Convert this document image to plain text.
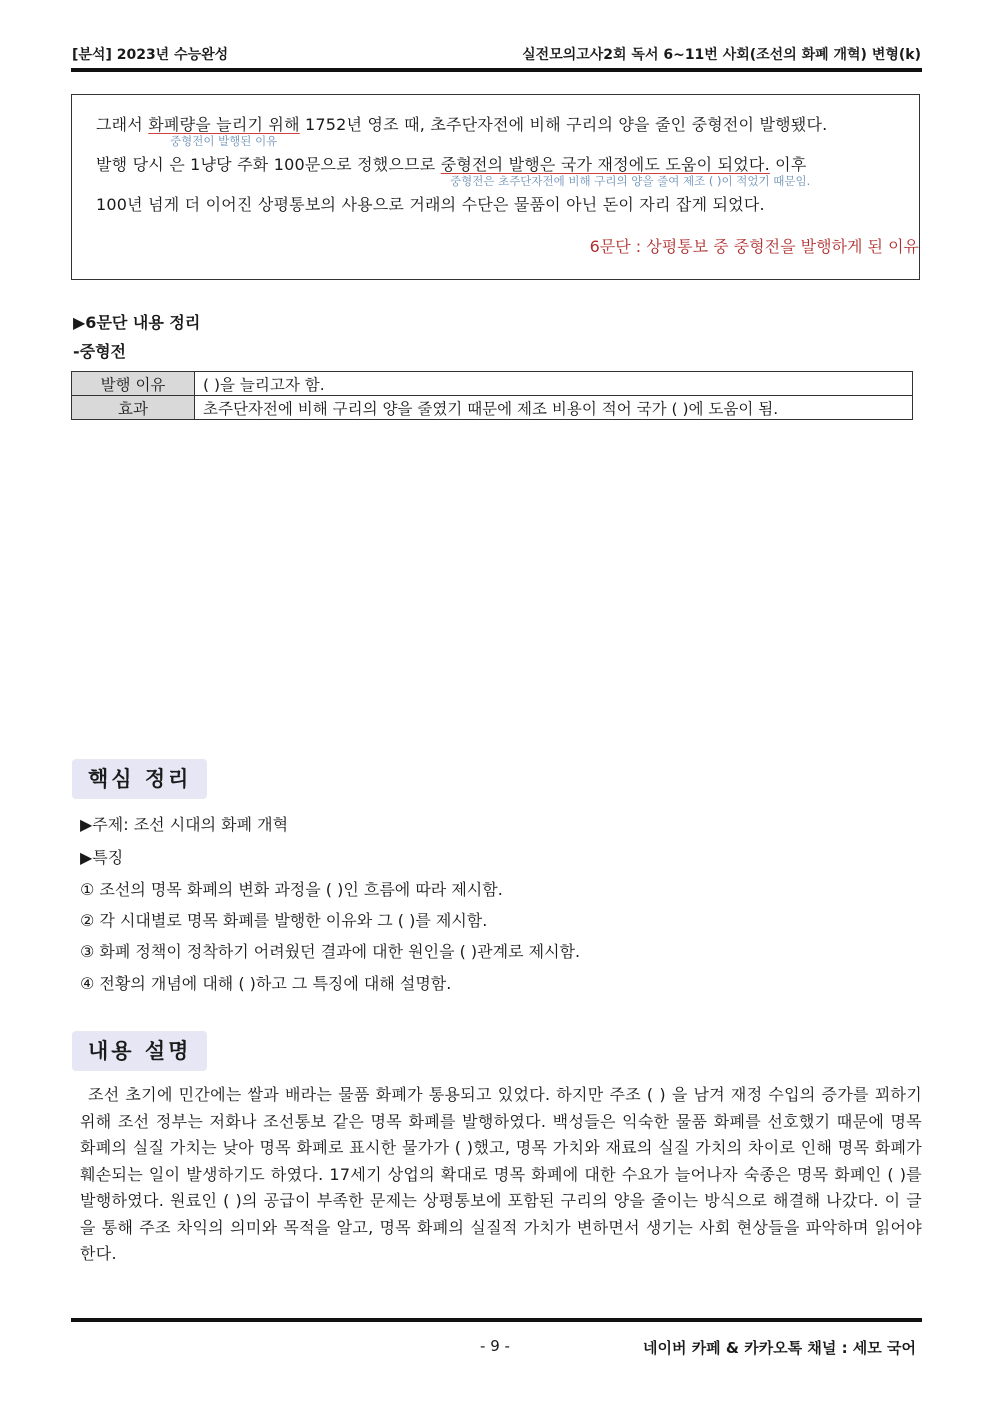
[분석] 2023년 수능완성	실전모의고사2회 독서 6~11번 사회(조선의 화폐 개혁) 변형(k)
그래서 화폐량을 늘리기 위해 1752년 영조 때, 초주단자전에 비해 구리의 양을 줄인 중형전이 발행됐다.
중형전이 발행된 이유
발행 당시 은 1냥당 주화 100문으로 정했으므로 중형전의 발행은 국가 재정에도 도움이 되었다. 이후
중형전은 초주단자전에 비해 구리의 양을 줄여 제조 ( )이 적었기 때문임.
100년 넘게 더 이어진 상평통보의 사용으로 거래의 수단은 물품이 아닌 돈이 자리 잡게 되었다.
6문단 : 상평통보 중 중형전을 발행하게 된 이유
▶6문단 내용 정리
-중형전
발행 이유	( )을 늘리고자 함.
효과	초주단자전에 비해 구리의 양을 줄였기 때문에 제조 비용이 적어 국가 ( )에 도움이 됨.
핵심 정리
▶주제: 조선 시대의 화폐 개혁
▶특징
① 조선의 명목 화폐의 변화 과정을 ( )인 흐름에 따라 제시함.
② 각 시대별로 명목 화폐를 발행한 이유와 그 ( )를 제시함.
③ 화폐 정책이 정착하기 어려웠던 결과에 대한 원인을 ( )관계로 제시함.
④ 전황의 개념에 대해 ( )하고 그 특징에 대해 설명함.
내용 설명
조선 초기에 민간에는 쌀과 배라는 물품 화폐가 통용되고 있었다. 하지만 주조 ( ) 을 남겨 재정 수입의 증가를 꾀하기 위해 조선 정부는 저화나 조선통보 같은 명목 화폐를 발행하였다. 백성들은 익숙한 물품 화폐를 선호했기 때문에 명목 화폐의 실질 가치는 낮아 명목 화폐로 표시한 물가가 ( )했고, 명목 가치와 재료의 실질 가치의 차이로 인해 명목 화폐가 훼손되는 일이 발생하기도 하였다. 17세기 상업의 확대로 명목 화폐에 대한 수요가 늘어나자 숙종은 명목 화폐인 ( )를 발행하였다. 원료인 ( )의 공급이 부족한 문제는 상평통보에 포함된 구리의 양을 줄이는 방식으로 해결해 나갔다. 이 글을 통해 주조 차익의 의미와 목적을 알고, 명목 화폐의 실질적 가치가 변하면서 생기는 사회 현상들을 파악하며 읽어야 한다.
- 9 -	네이버 카페 & 카카오톡 채널 : 세모 국어
